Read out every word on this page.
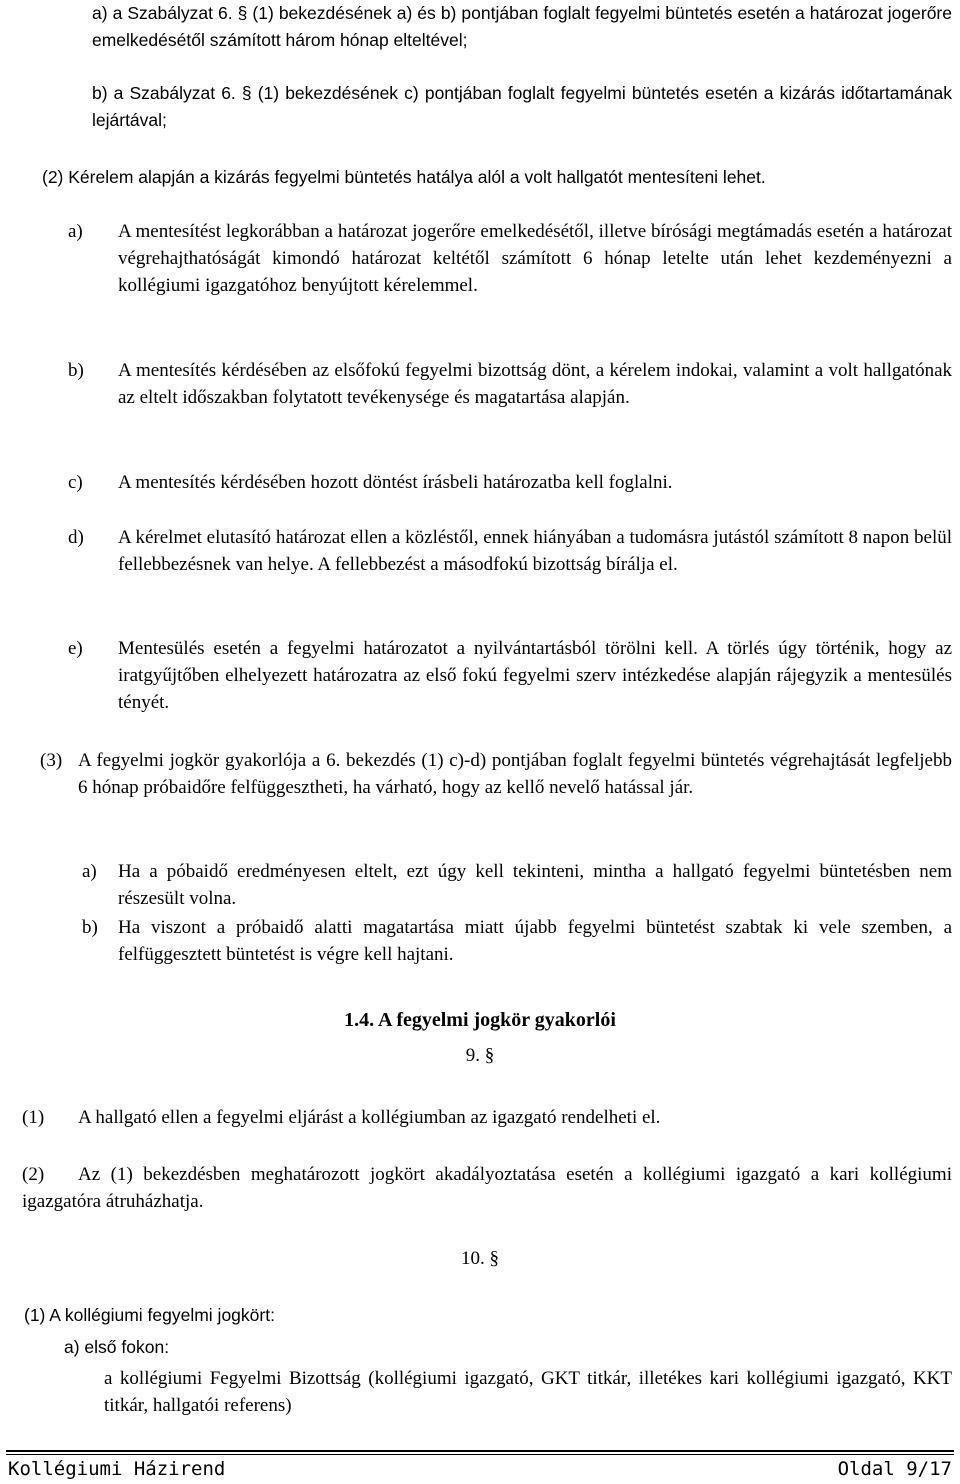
a) a Szabályzat 6. § (1) bekezdésének a) és b) pontjában foglalt fegyelmi büntetés esetén a határozat jogerőre emelkedésétől számított három hónap elteltével;

b) a Szabályzat 6. § (1) bekezdésének c) pontjában foglalt fegyelmi büntetés esetén a kizárás időtartamának lejártával;

(2) Kérelem alapján a kizárás fegyelmi büntetés hatálya alól a volt hallgatót mentesíteni lehet.

a) A mentesítést legkorábban a határozat jogerőre emelkedésétől, illetve bírósági megtámadás esetén a határozat végrehajthatóságát kimondó határozat keltétől számított 6 hónap letelte után lehet kezdeményezni a kollégiumi igazgatóhoz benyújtott kérelemmel.

b) A mentesítés kérdésében az elsőfokú fegyelmi bizottság dönt, a kérelem indokai, valamint a volt hallgatónak az eltelt időszakban folytatott tevékenysége és magatartása alapján.

c) A mentesítés kérdésében hozott döntést írásbeli határozatba kell foglalni.

d) A kérelmet elutasító határozat ellen a közléstől, ennek hiányában a tudomásra jutástól számított 8 napon belül fellebbezésnek van helye. A fellebbezést a másodfokú bizottság bírálja el.

e) Mentesülés esetén a fegyelmi határozatot a nyilvántartásból törölni kell. A törlés úgy történik, hogy az iratgyűjtőben elhelyezett határozatra az első fokú fegyelmi szerv intézkedése alapján rájegyzik a mentesülés tényét.

(3) A fegyelmi jogkör gyakorlója a 6. bekezdés (1) c)-d) pontjában foglalt fegyelmi büntetés végrehajtását legfeljebb 6 hónap próbaidőre felfüggesztheti, ha várható, hogy az kellő nevelő hatással jár.

a) Ha a póbaidő eredményesen eltelt, ezt úgy kell tekinteni, mintha a hallgató fegyelmi büntetésben nem részesült volna.

b) Ha viszont a próbaidő alatti magatartása miatt újabb fegyelmi büntetést szabtak ki vele szemben, a felfüggesztett büntetést is végre kell hajtani.

1.4. A fegyelmi jogkör gyakorlói
9. §
(1) A hallgató ellen a fegyelmi eljárást a kollégiumban az igazgató rendelheti el.

(2) Az (1) bekezdésben meghatározott jogkört akadályoztatása esetén a kollégiumi igazgató a kari kollégiumi igazgatóra átruházhatja.

10. §

(1) A kollégiumi fegyelmi jogkört:

a) első fokon:

a kollégiumi Fegyelmi Bizottság (kollégiumi igazgató, GKT titkár, illetékes kari kollégiumi igazgató, KKT titkár, hallgatói referens)

Kollégiumi Házirend	Oldal 9/17
